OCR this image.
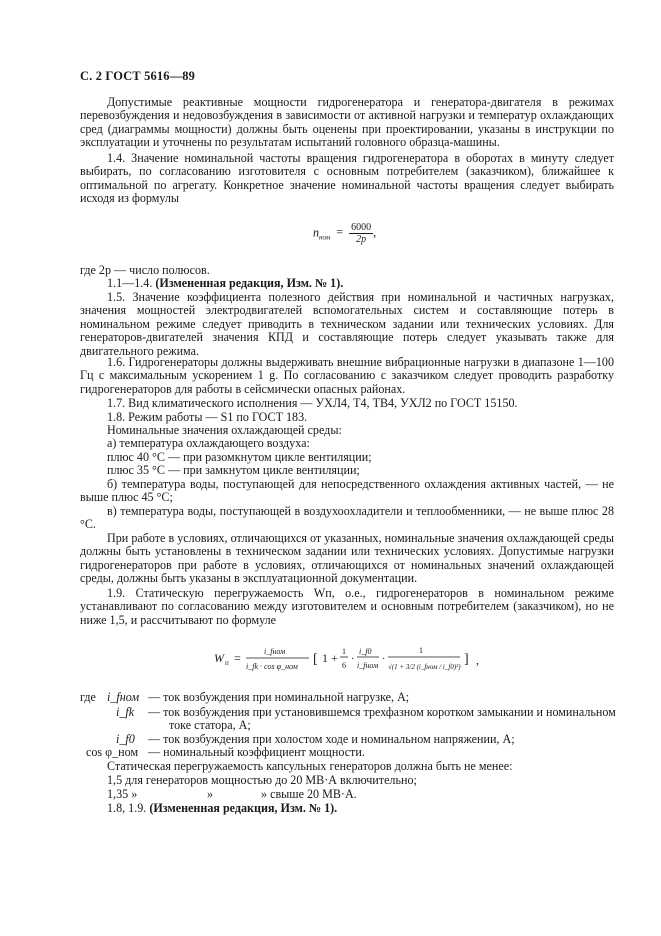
С. 2 ГОСТ 5616—89
Допустимые реактивные мощности гидрогенератора и генератора-двигателя в режимах перевозбуждения и недовозбуждения в зависимости от активной нагрузки и температур охлаждающих сред (диаграммы мощности) должны быть оценены при проектировании, указаны в инструкции по эксплуатации и уточнены по результатам испытаний головного образца-машины.
1.4. Значение номинальной частоты вращения гидрогенератора в оборотах в минуту следует выбирать, по согласованию изготовителя с основным потребителем (заказчиком), ближайшее к оптимальной по агрегату. Конкретное значение номинальной частоты вращения следует выбирать исходя из формулы
$n_{ном} = \frac{6000}{2p}$ ,
где 2p — число полюсов.
1.1—1.4. (Измененная редакция, Изм. № 1).
1.5. Значение коэффициента полезного действия при номинальной и частичных нагрузках, значения мощностей электродвигателей вспомогательных систем и составляющие потерь в номинальном режиме следует приводить в техническом задании или технических условиях. Для генераторов-двигателей значения КПД и составляющие потерь следует указывать также для двигательного режима.
1.6. Гидрогенераторы должны выдерживать внешние вибрационные нагрузки в диапазоне 1—100 Гц с максимальным ускорением 1 g. По согласованию с заказчиком следует проводить разработку гидрогенераторов для работы в сейсмически опасных районах.
1.7. Вид климатического исполнения — УХЛ4, Т4, ТВ4, УХЛ2 по ГОСТ 15150.
1.8. Режим работы — S1 по ГОСТ 183.
Номинальные значения охлаждающей среды:
а) температура охлаждающего воздуха:
плюс 40 °С — при разомкнутом цикле вентиляции;
плюс 35 °С — при замкнутом цикле вентиляции;
б) температура воды, поступающей для непосредственного охлаждения активных частей, — не выше плюс 45 °С;
в) температура воды, поступающей в воздухоохладители и теплообменники, — не выше плюс 28 °С.
При работе в условиях, отличающихся от указанных, номинальные значения охлаждающей среды должны быть установлены в техническом задании или технических условиях. Допустимые нагрузки гидрогенераторов при работе в условиях, отличающихся от номинальных значений охлаждающей среды, должны быть указаны в эксплуатационной документации.
1.9. Статическую перегружаемость Wп, о.е., гидрогенераторов в номинальном режиме устанавливают по согласованию между изготовителем и основным потребителем (заказчиком), но не ниже 1,5, и рассчитывают по формуле
W п =	i_fном
i_fk · cos φ_ном [ 1 + 1
6
·
i_f0
i_fном
·
1
√(1 + 3/2 (i_fном / i_f0)²) ] ,
где i_fном — ток возбуждения при номинальной нагрузке, А;
i_fk — ток возбуждения при установившемся трехфазном коротком замыкании и номинальном
токе статора, А;
i_f0 — ток возбуждения при холостом ходе и номинальном напряжении, А;
cos φ_ном — номинальный коэффициент мощности.
Статическая перегружаемость капсульных генераторов должна быть не менее:
1,5 для генераторов мощностью до 20 МВ·А включительно;
1,35 »	»	» свыше 20 МВ·А.
1.8, 1.9. (Измененная редакция, Изм. № 1).
